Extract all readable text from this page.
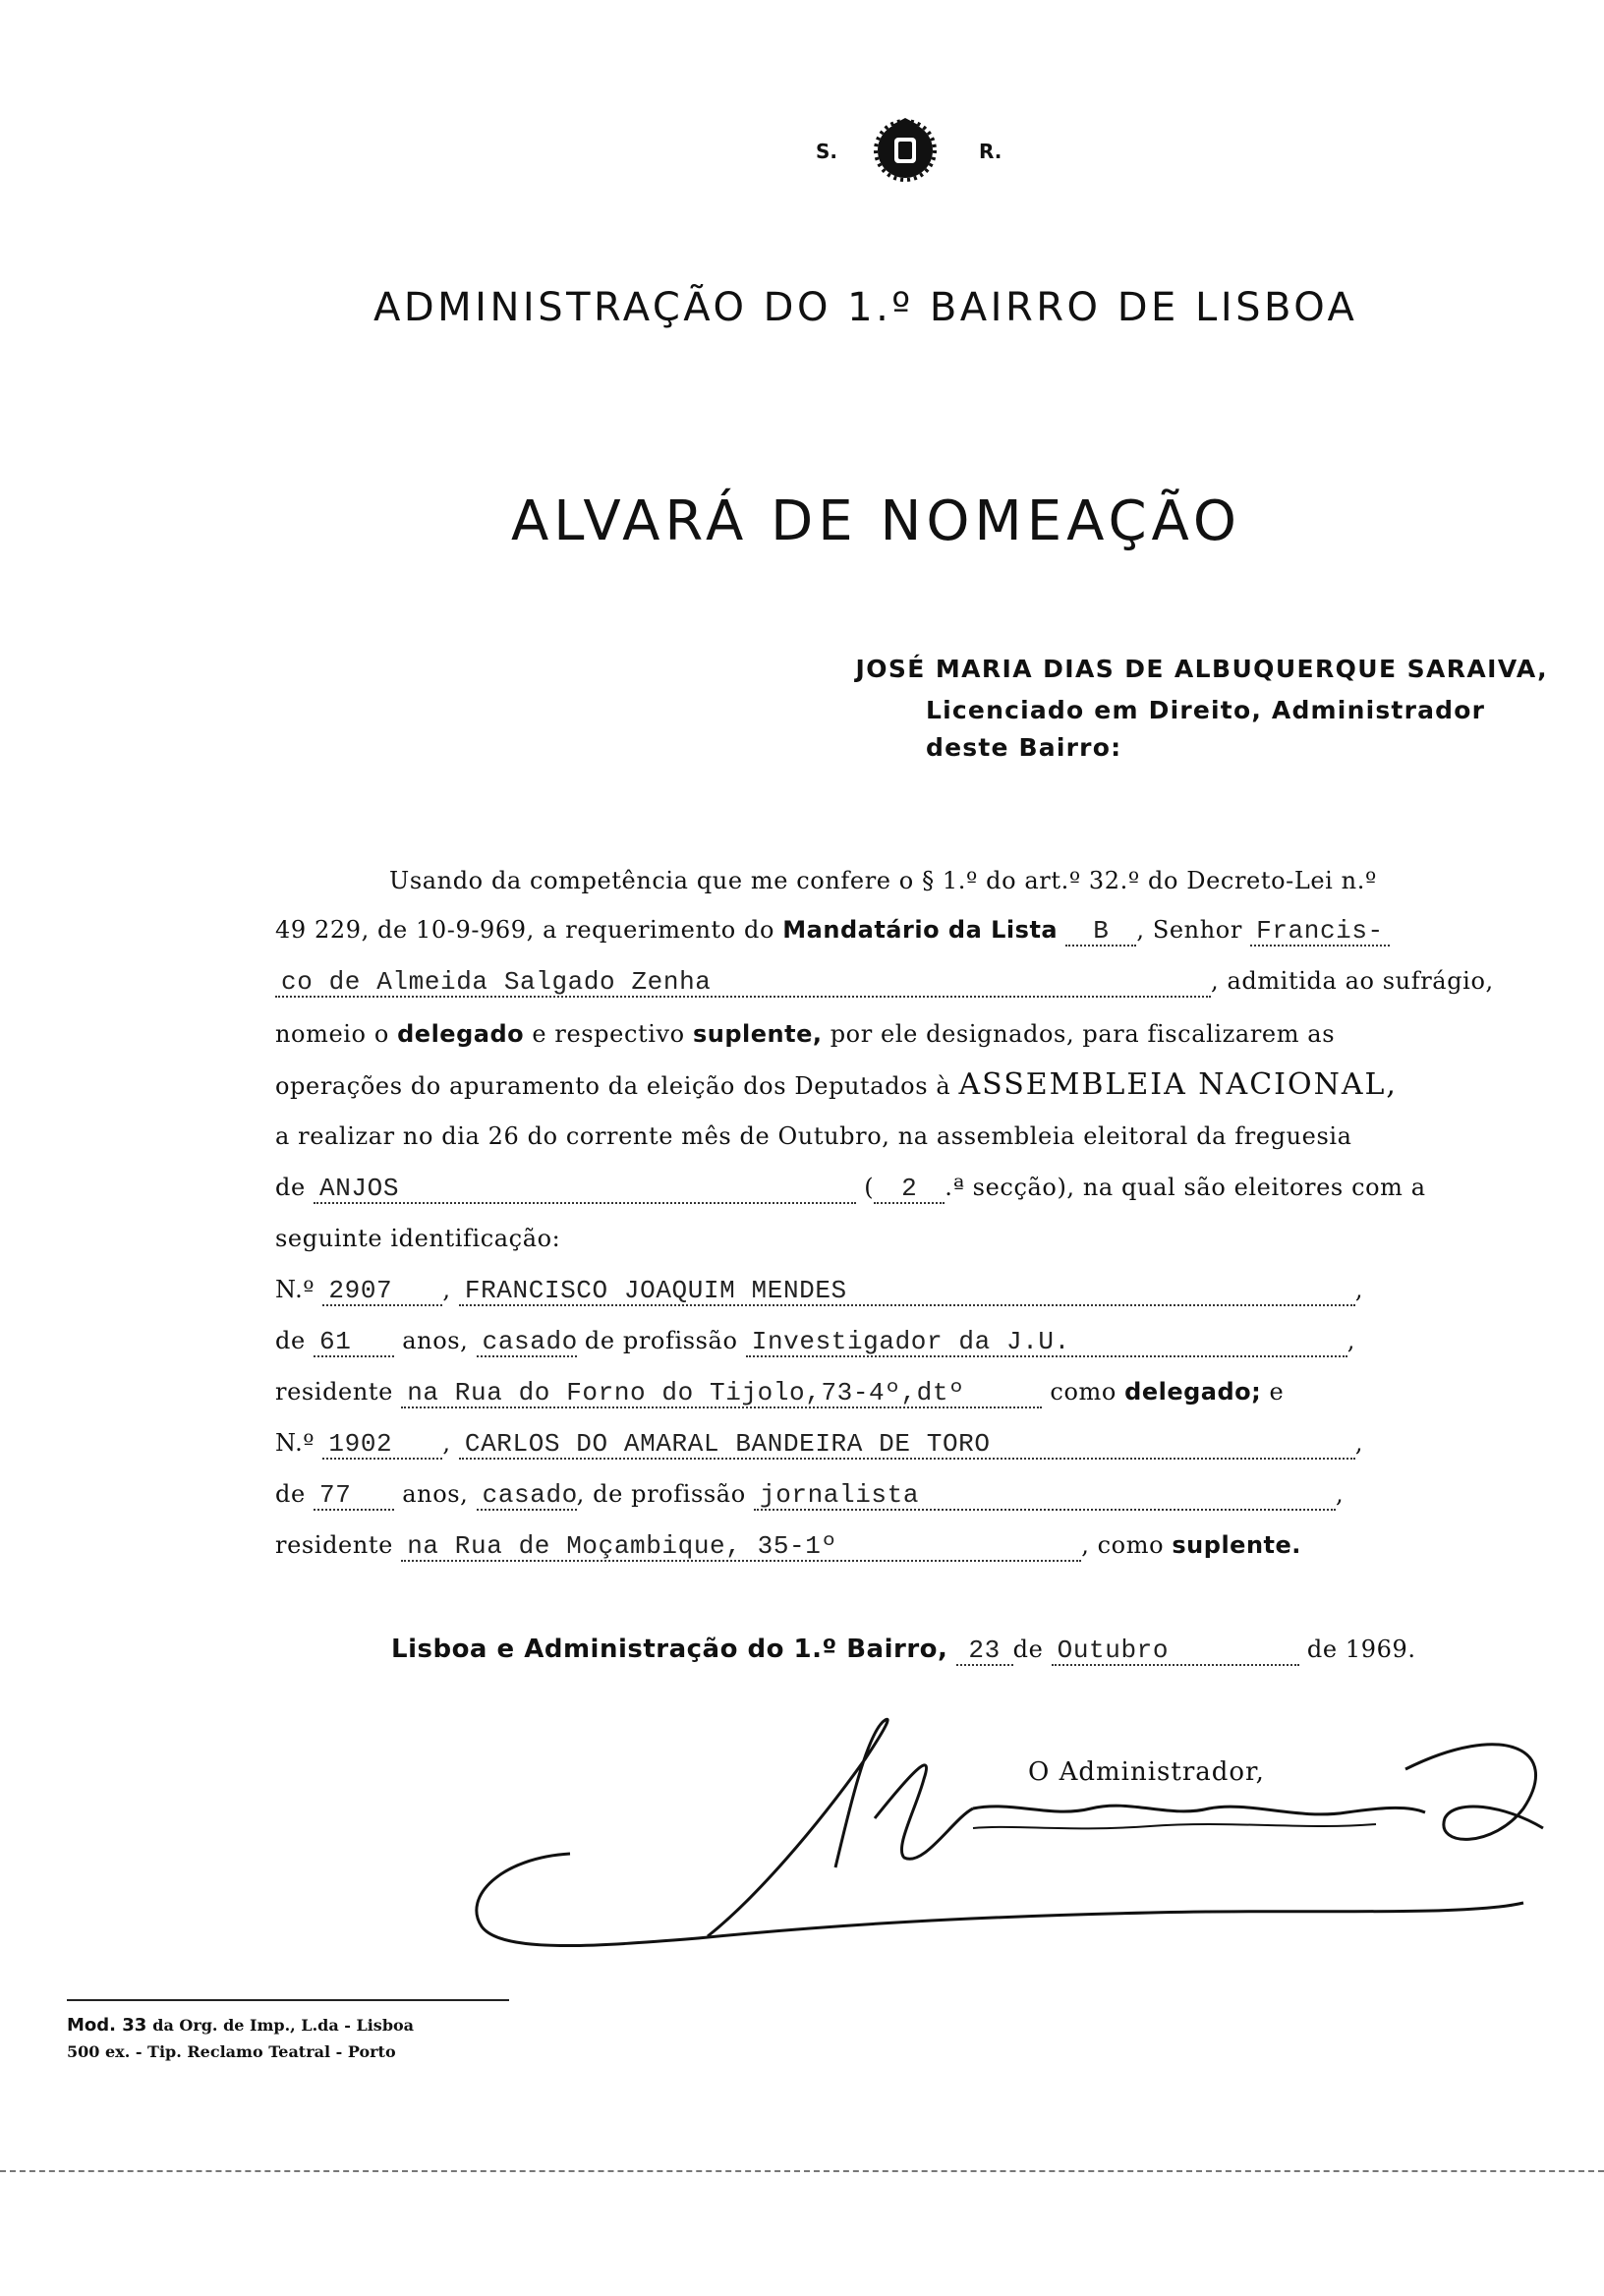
S.	R.
ADMINISTRAÇÃO DO 1.º BAIRRO DE LISBOA
ALVARÁ DE NOMEAÇÃO
JOSÉ MARIA DIAS DE ALBUQUERQUE SARAIVA,
Licenciado em Direito, Administrador
deste Bairro:
Usando da competência que me confere o § 1.º do art.º 32.º do Decreto-Lei n.º
49 229, de 10-9-969, a requerimento do Mandatário da Lista B , Senhor Francis-
co de Almeida Salgado Zenha	, admitida ao sufrágio,
nomeio o delegado e respectivo suplente, por ele designados, para fiscalizarem as
operações do apuramento da eleição dos Deputados à ASSEMBLEIA NACIONAL,
a realizar no dia 26 do corrente mês de Outubro, na assembleia eleitoral da freguesia
de ANJOS	( 2 .ª secção), na qual são eleitores com a
seguinte identificação:
N.º 2907 , FRANCISCO JOAQUIM MENDES	,
de 61 anos, casado de profissão Investigador da J.U.	,
residente na Rua do Forno do Tijolo,73-4º,dtº	como delegado; e
N.º 1902 , CARLOS DO AMARAL BANDEIRA DE TORO	,
de 77 anos, casado, de profissão jornalista	,
residente na Rua de Moçambique, 35-1º	, como suplente.
Lisboa e Administração do 1.º Bairro, 23 de Outubro	de 1969.
O Administrador,
Mod. 33 da Org. de Imp., L.da - Lisboa
500 ex. - Tip. Reclamo Teatral - Porto
